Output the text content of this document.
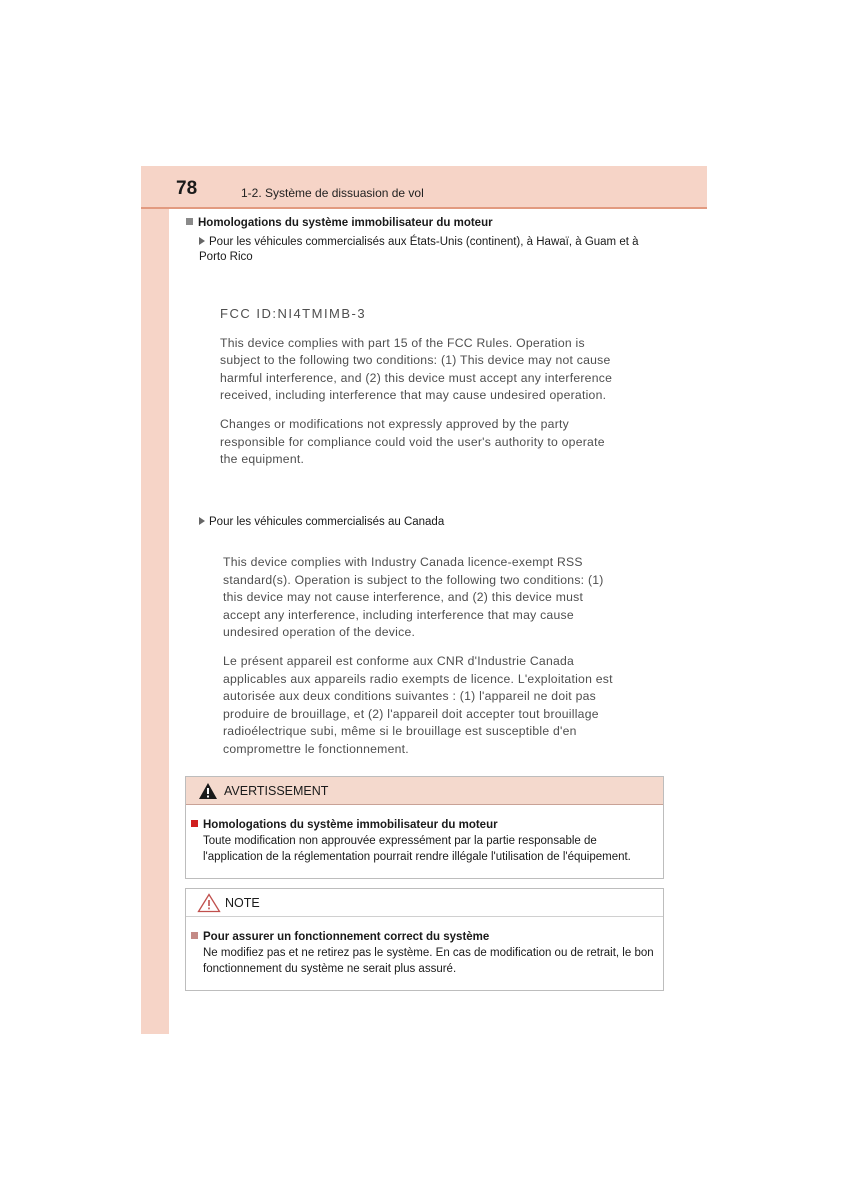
78	1-2. Système de dissuasion de vol
Homologations du système immobilisateur du moteur
Pour les véhicules commercialisés aux États-Unis (continent), à Hawaï, à Guam et à Porto Rico
FCC ID:NI4TMIMB-3

This device complies with part 15 of the FCC Rules. Operation is
subject to the following two conditions: (1) This device may not cause
harmful interference, and (2) this device must accept any interference
received, including interference that may cause undesired operation.

Changes or modifications not expressly approved by the party
responsible for compliance could void the user's authority to operate
the equipment.

Pour les véhicules commercialisés au Canada

This device complies with Industry Canada licence-exempt RSS
standard(s). Operation is subject to the following two conditions: (1)
this device may not cause interference, and (2) this device must
accept any interference, including interference that may cause
undesired operation of the device.

Le présent appareil est conforme aux CNR d'Industrie Canada
applicables aux appareils radio exempts de licence. L'exploitation est
autorisée aux deux conditions suivantes : (1) l'appareil ne doit pas
produire de brouillage, et (2) l'appareil doit accepter tout brouillage
radioélectrique subi, même si le brouillage est susceptible d'en
compromettre le fonctionnement.

AVERTISSEMENT
Homologations du système immobilisateur du moteur
Toute modification non approuvée expressément par la partie responsable de l'application de la réglementation pourrait rendre illégale l'utilisation de l'équipement.
NOTE
Pour assurer un fonctionnement correct du système
Ne modifiez pas et ne retirez pas le système. En cas de modification ou de retrait, le bon fonctionnement du système ne serait plus assuré.
